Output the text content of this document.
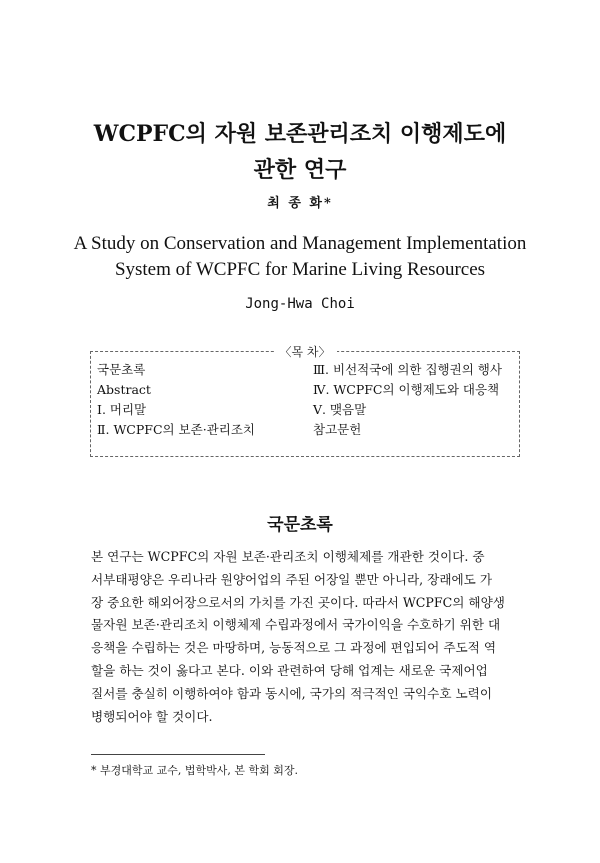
WCPFC의 자원 보존관리조치 이행제도에
관한 연구
최 종 화*
A Study on Conservation and Management Implementation
System of WCPFC for Marine Living Resources
Jong-Hwa Choi
〈목 차〉
국문초록
Abstract
Ⅰ. 머리말
Ⅱ. WCPFC의 보존·관리조치
Ⅲ. 비선적국에 의한 집행권의 행사
Ⅳ. WCPFC의 이행제도와 대응책
Ⅴ. 맺음말
참고문헌
국문초록
본 연구는 WCPFC의 자원 보존·관리조치 이행체제를 개관한 것이다. 중
서부태평양은 우리나라 원양어업의 주된 어장일 뿐만 아니라, 장래에도 가
장 중요한 해외어장으로서의 가치를 가진 곳이다. 따라서 WCPFC의 해양생
물자원 보존·관리조치 이행체제 수립과정에서 국가이익을 수호하기 위한 대
응책을 수립하는 것은 마땅하며, 능동적으로 그 과정에 편입되어 주도적 역
할을 하는 것이 옳다고 본다. 이와 관련하여 당해 업계는 새로운 국제어업
질서를 충실히 이행하여야 함과 동시에, 국가의 적극적인 국익수호 노력이
병행되어야 할 것이다.
* 부경대학교 교수, 법학박사, 본 학회 회장.
